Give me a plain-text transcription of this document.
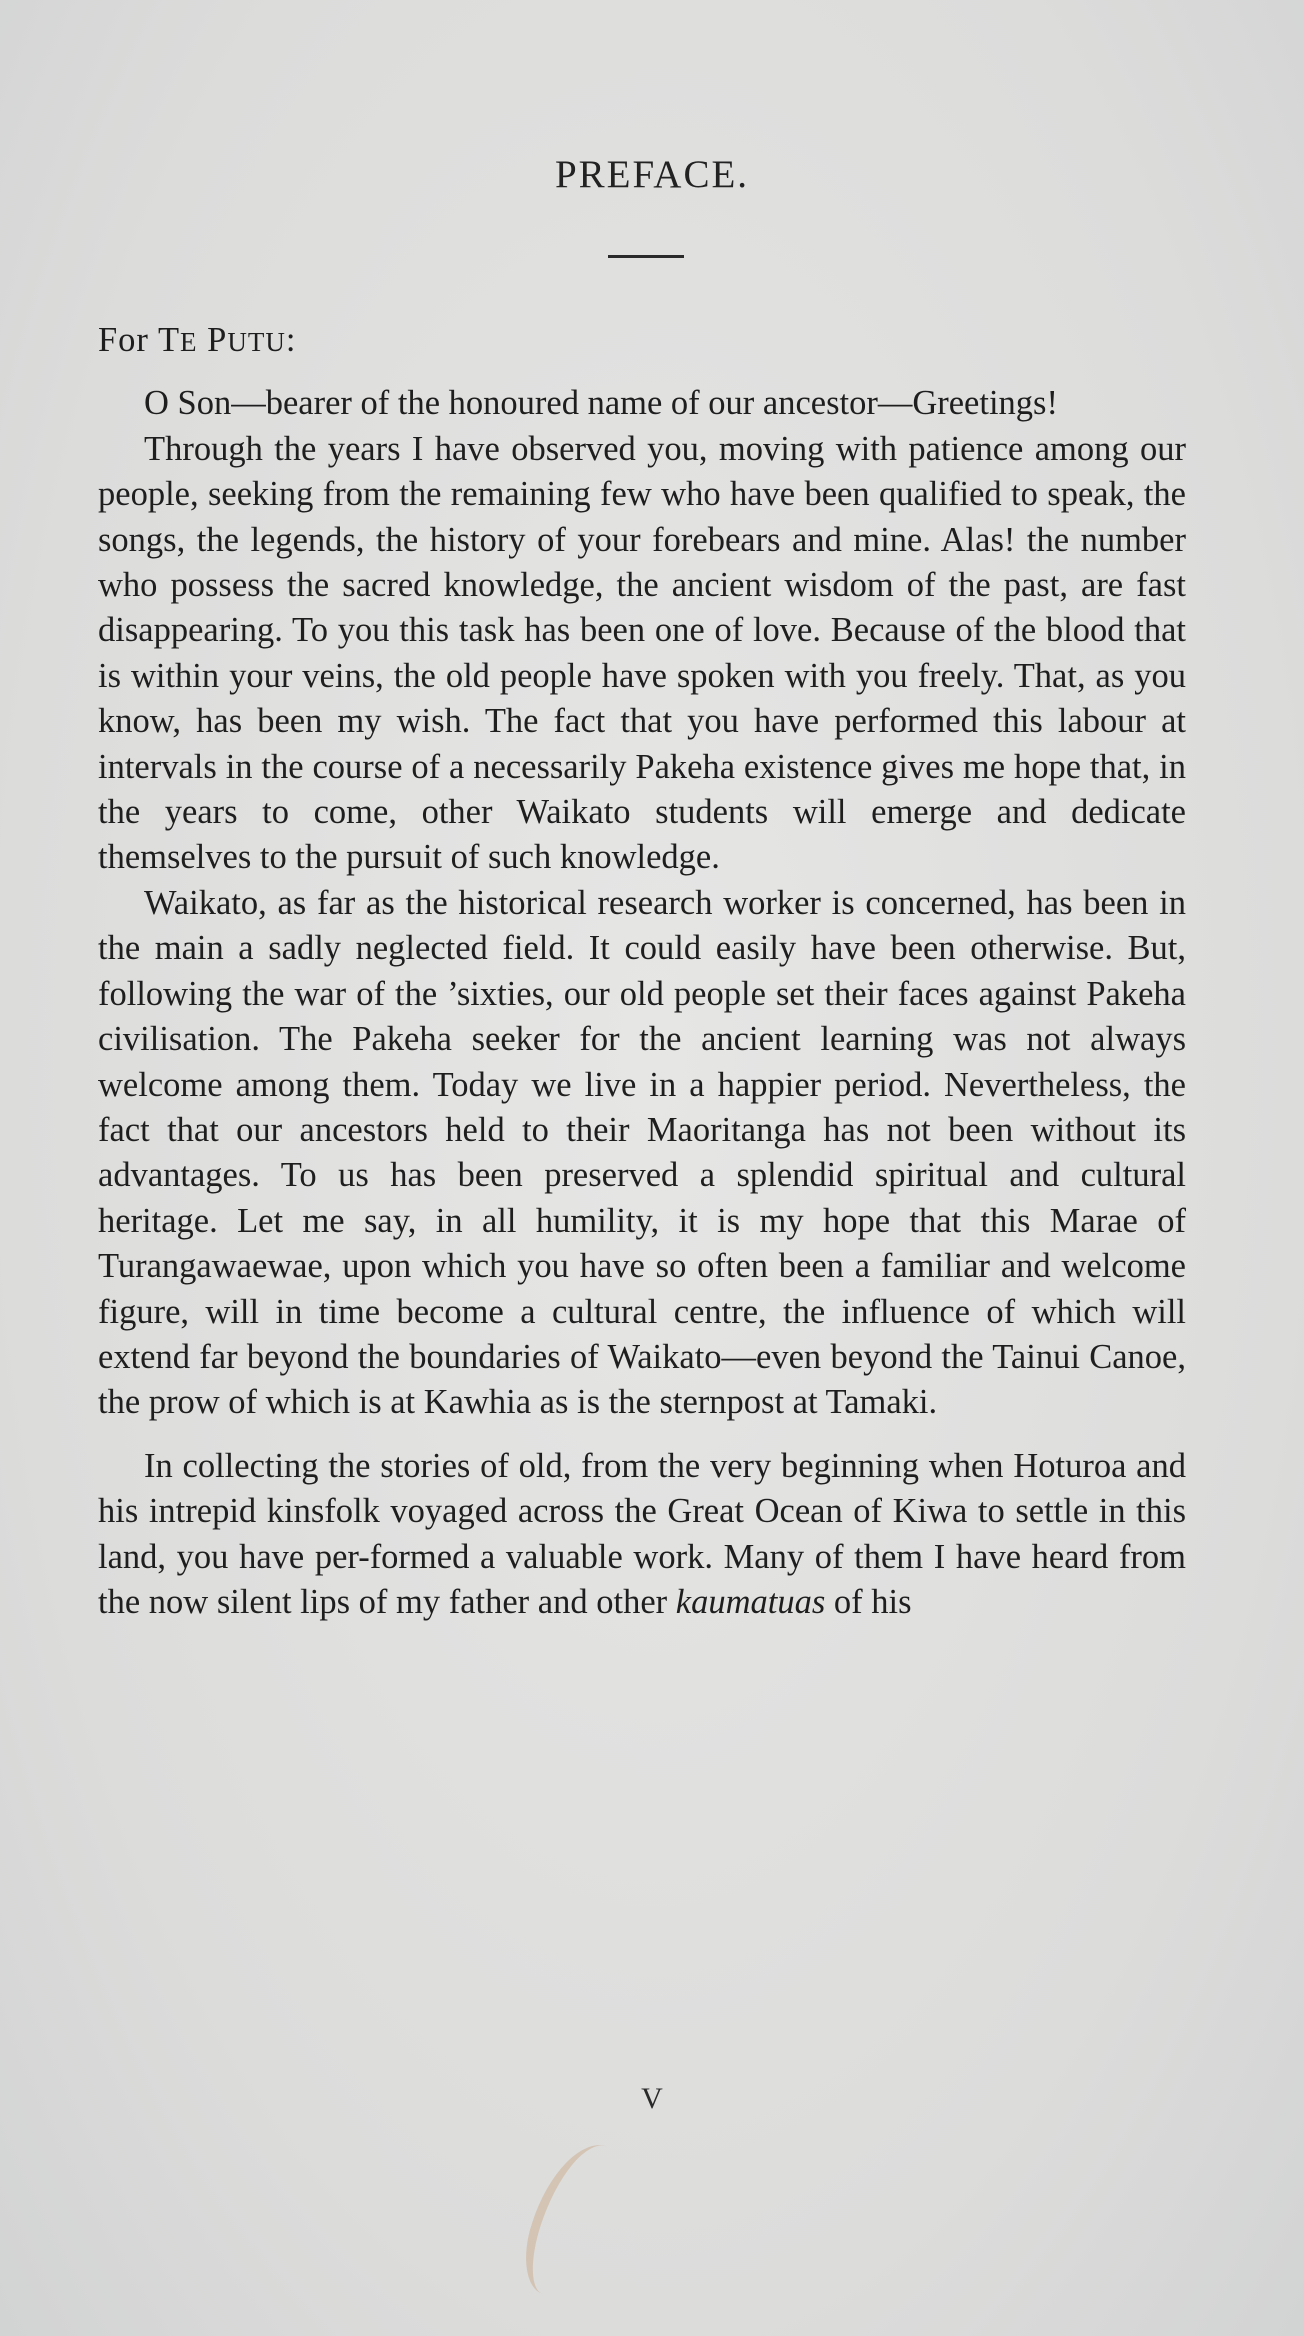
PREFACE.

For TE PUTU:

O Son—bearer of the honoured name of our ancestor—Greetings!

Through the years I have observed you, moving with patience among our people, seeking from the remaining few who have been qualified to speak, the songs, the legends, the history of your forebears and mine. Alas! the number who possess the sacred knowledge, the ancient wisdom of the past, are fast disappearing. To you this task has been one of love. Because of the blood that is within your veins, the old people have spoken with you freely. That, as you know, has been my wish. The fact that you have performed this labour at intervals in the course of a necessarily Pakeha existence gives me hope that, in the years to come, other Waikato students will emerge and dedicate themselves to the pursuit of such knowledge.

Waikato, as far as the historical research worker is concerned, has been in the main a sadly neglected field. It could easily have been otherwise. But, following the war of the ’sixties, our old people set their faces against Pakeha civilisation. The Pakeha seeker for the ancient learning was not always welcome among them. Today we live in a happier period. Nevertheless, the fact that our ancestors held to their Maoritanga has not been without its advantages. To us has been preserved a splendid spiritual and cultural heritage. Let me say, in all humility, it is my hope that this Marae of Turangawaewae, upon which you have so often been a familiar and welcome figure, will in time become a cultural centre, the influence of which will extend far beyond the boundaries of Waikato—even beyond the Tainui Canoe, the prow of which is at Kawhia as is the sternpost at Tamaki.

In collecting the stories of old, from the very beginning when Hoturoa and his intrepid kinsfolk voyaged across the Great Ocean of Kiwa to settle in this land, you have per-formed a valuable work. Many of them I have heard from the now silent lips of my father and other kaumatuas of his

V
